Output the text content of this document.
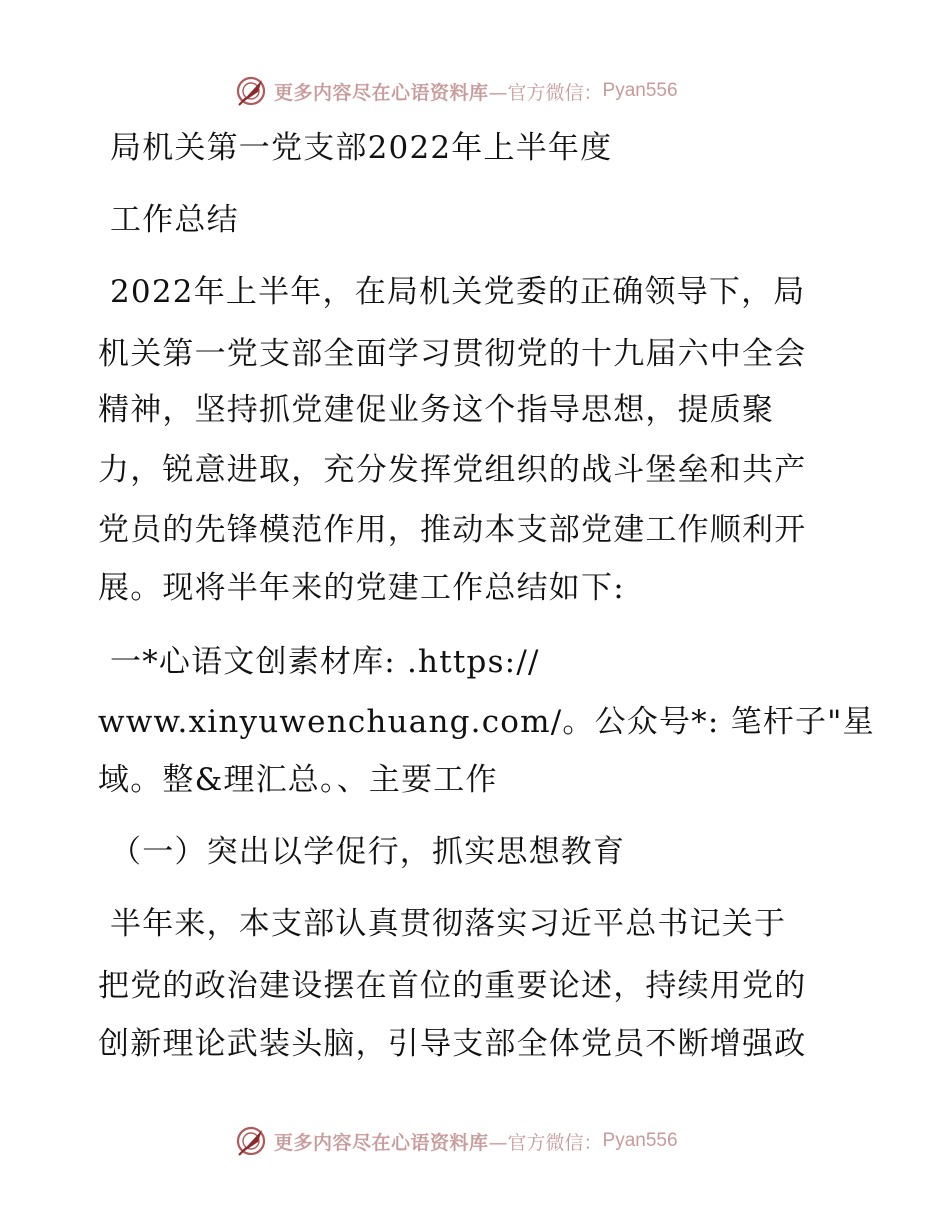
更多内容尽在心语资料库 —官方微信： Pyan556
局机关第一党支部2022年上半年度
工作总结
2022年上半年，在局机关党委的正确领导下，局
机关第一党支部全面学习贯彻党的十九届六中全会
精神，坚持抓党建促业务这个指导思想，提质聚
力，锐意进取，充分发挥党组织的战斗堡垒和共产
党员的先锋模范作用，推动本支部党建工作顺利开
展。现将半年来的党建工作总结如下:
一*心语文创素材库: .https://
www.xinyuwenchuang.com/。公众号*: 笔杆子"星
域。整&理汇总。、主要工作
（一）突出以学促行，抓实思想教育
半年来，本支部认真贯彻落实习近平总书记关于
把党的政治建设摆在首位的重要论述，持续用党的
创新理论武装头脑，引导支部全体党员不断增强政
更多内容尽在心语资料库 —官方微信： Pyan556
